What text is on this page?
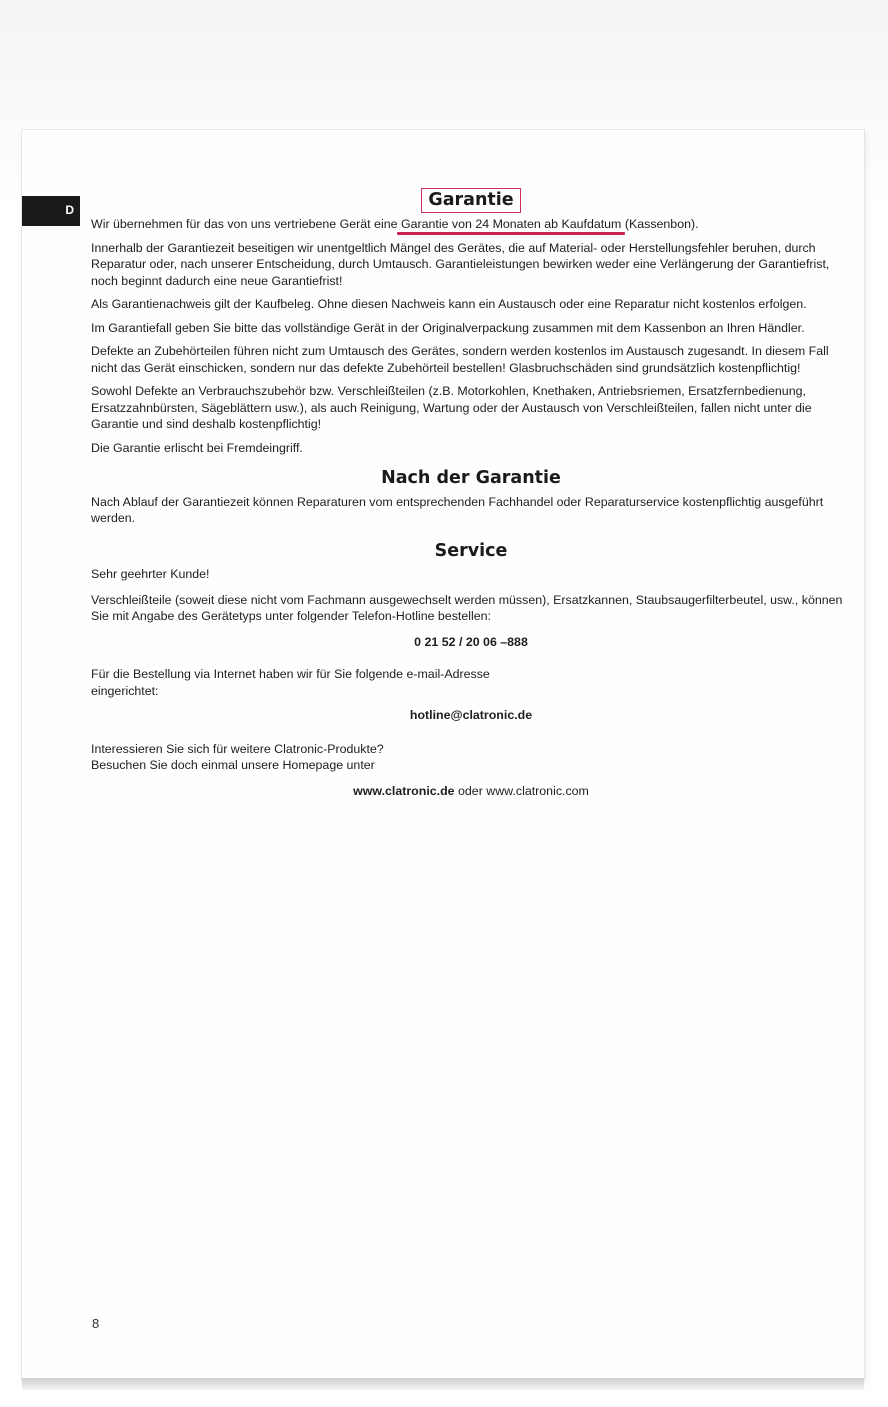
D	Garantie

Wir übernehmen für das von uns vertriebene Gerät eine Garantie von 24 Monaten ab Kaufdatum (Kassenbon).

Innerhalb der Garantiezeit beseitigen wir unentgeltlich Mängel des Gerätes, die auf Material- oder Herstellungsfehler beruhen, durch Reparatur oder, nach unserer Entscheidung, durch Umtausch. Garantieleistungen bewirken weder eine Verlängerung der Garantiefrist, noch beginnt dadurch eine neue Garantiefrist!

Als Garantienachweis gilt der Kaufbeleg. Ohne diesen Nachweis kann ein Austausch oder eine Reparatur nicht kostenlos erfolgen.

Im Garantiefall geben Sie bitte das vollständige Gerät in der Originalverpackung zusammen mit dem Kassenbon an Ihren Händler.

Defekte an Zubehörteilen führen nicht zum Umtausch des Gerätes, sondern werden kostenlos im Austausch zugesandt. In diesem Fall nicht das Gerät einschicken, sondern nur das defekte Zubehörteil bestellen! Glasbruchschäden sind grundsätzlich kostenpflichtig!

Sowohl Defekte an Verbrauchszubehör bzw. Verschleißteilen (z.B. Motorkohlen, Knethaken, Antriebsriemen, Ersatzfernbedienung, Ersatzzahnbürsten, Sägeblättern usw.), als auch Reinigung, Wartung oder der Austausch von Verschleißteilen, fallen nicht unter die Garantie und sind deshalb kostenpflichtig!

Die Garantie erlischt bei Fremdeingriff.

Nach der Garantie

Nach Ablauf der Garantiezeit können Reparaturen vom entsprechenden Fachhandel oder Reparaturservice kostenpflichtig ausgeführt werden.

Service

Sehr geehrter Kunde!

Verschleißteile (soweit diese nicht vom Fachmann ausgewechselt werden müssen), Ersatzkannen, Staubsaugerfilterbeutel, usw., können Sie mit Angabe des Gerätetyps unter folgender Telefon-Hotline bestellen:

0 21 52 / 20 06 –888

Für die Bestellung via Internet haben wir für Sie folgende e-mail-Adresse
eingerichtet:

hotline@clatronic.de

Interessieren Sie sich für weitere Clatronic-Produkte?
Besuchen Sie doch einmal unsere Homepage unter

www.clatronic.de oder www.clatronic.com

8
